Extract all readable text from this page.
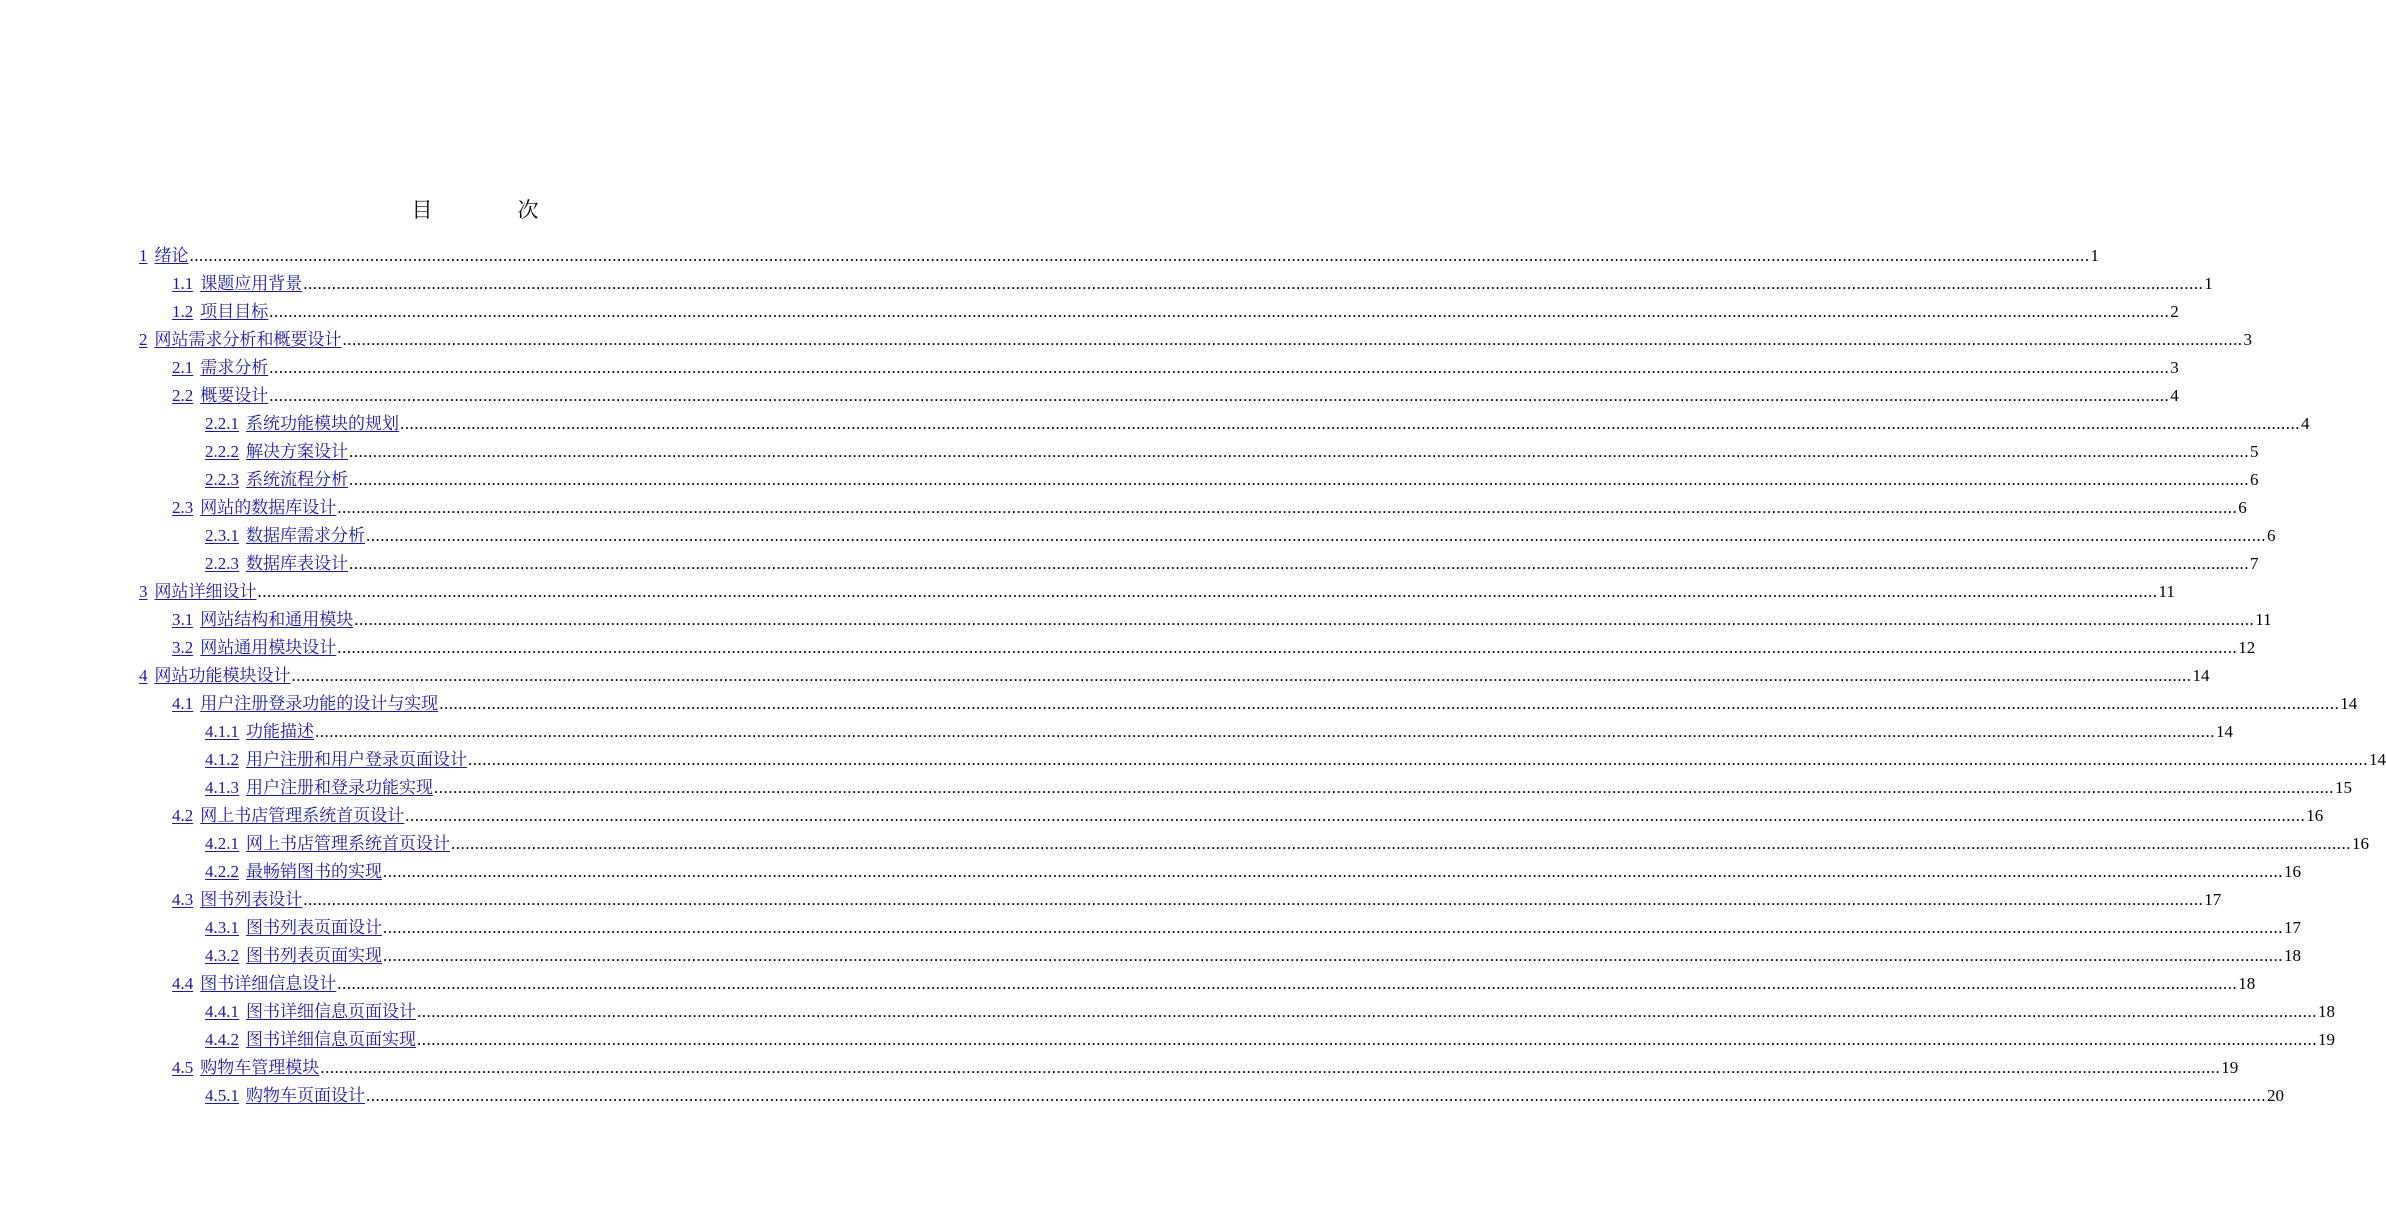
目　次
1 绪论 ................................................................................................................................................................................................................................................................................................................................................................................................................ 1
1.1 课题应用背景 ................................................................................................................................................................................................................................................................................................................................................................................................................ 1
1.2 项目目标 ................................................................................................................................................................................................................................................................................................................................................................................................................ 2
2 网站需求分析和概要设计 ................................................................................................................................................................................................................................................................................................................................................................................................................ 3
2.1 需求分析 ................................................................................................................................................................................................................................................................................................................................................................................................................ 3
2.2 概要设计 ................................................................................................................................................................................................................................................................................................................................................................................................................ 4
2.2.1 系统功能模块的规划 ................................................................................................................................................................................................................................................................................................................................................................................................................ 4
2.2.2 解决方案设计 ................................................................................................................................................................................................................................................................................................................................................................................................................ 5
2.2.3 系统流程分析 ................................................................................................................................................................................................................................................................................................................................................................................................................ 6
2.3 网站的数据库设计 ................................................................................................................................................................................................................................................................................................................................................................................................................ 6
2.3.1 数据库需求分析 ................................................................................................................................................................................................................................................................................................................................................................................................................ 6
2.2.3 数据库表设计 ................................................................................................................................................................................................................................................................................................................................................................................................................ 7
3 网站详细设计 ................................................................................................................................................................................................................................................................................................................................................................................................................ 11
3.1 网站结构和通用模块 ................................................................................................................................................................................................................................................................................................................................................................................................................ 11
3.2 网站通用模块设计 ................................................................................................................................................................................................................................................................................................................................................................................................................ 12
4 网站功能模块设计 ................................................................................................................................................................................................................................................................................................................................................................................................................ 14
4.1 用户注册登录功能的设计与实现 ................................................................................................................................................................................................................................................................................................................................................................................................................ 14
4.1.1 功能描述 ................................................................................................................................................................................................................................................................................................................................................................................................................ 14
4.1.2 用户注册和用户登录页面设计 ................................................................................................................................................................................................................................................................................................................................................................................................................ 14
4.1.3 用户注册和登录功能实现 ................................................................................................................................................................................................................................................................................................................................................................................................................ 15
4.2 网上书店管理系统首页设计 ................................................................................................................................................................................................................................................................................................................................................................................................................ 16
4.2.1 网上书店管理系统首页设计 ................................................................................................................................................................................................................................................................................................................................................................................................................ 16
4.2.2 最畅销图书的实现 ................................................................................................................................................................................................................................................................................................................................................................................................................ 16
4.3 图书列表设计 ................................................................................................................................................................................................................................................................................................................................................................................................................ 17
4.3.1 图书列表页面设计 ................................................................................................................................................................................................................................................................................................................................................................................................................ 17
4.3.2 图书列表页面实现 ................................................................................................................................................................................................................................................................................................................................................................................................................ 18
4.4 图书详细信息设计 ................................................................................................................................................................................................................................................................................................................................................................................................................ 18
4.4.1 图书详细信息页面设计 ................................................................................................................................................................................................................................................................................................................................................................................................................ 18
4.4.2 图书详细信息页面实现 ................................................................................................................................................................................................................................................................................................................................................................................................................ 19
4.5 购物车管理模块 ................................................................................................................................................................................................................................................................................................................................................................................................................ 19
4.5.1 购物车页面设计 ................................................................................................................................................................................................................................................................................................................................................................................................................ 20
